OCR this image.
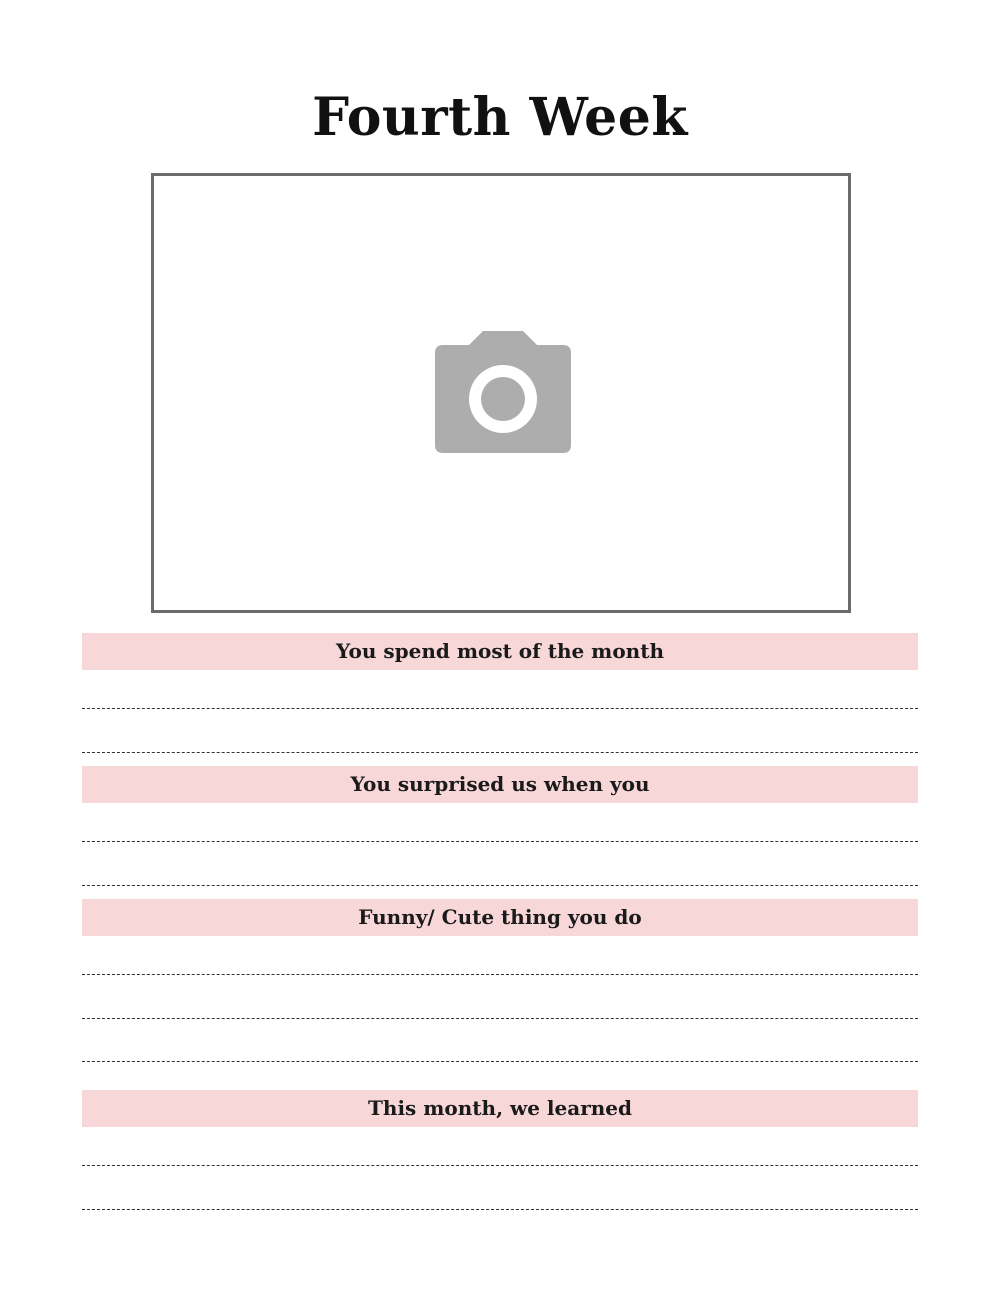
Fourth Week
You spend most of the month
You surprised us when you
Funny/ Cute thing you do
This month, we learned
